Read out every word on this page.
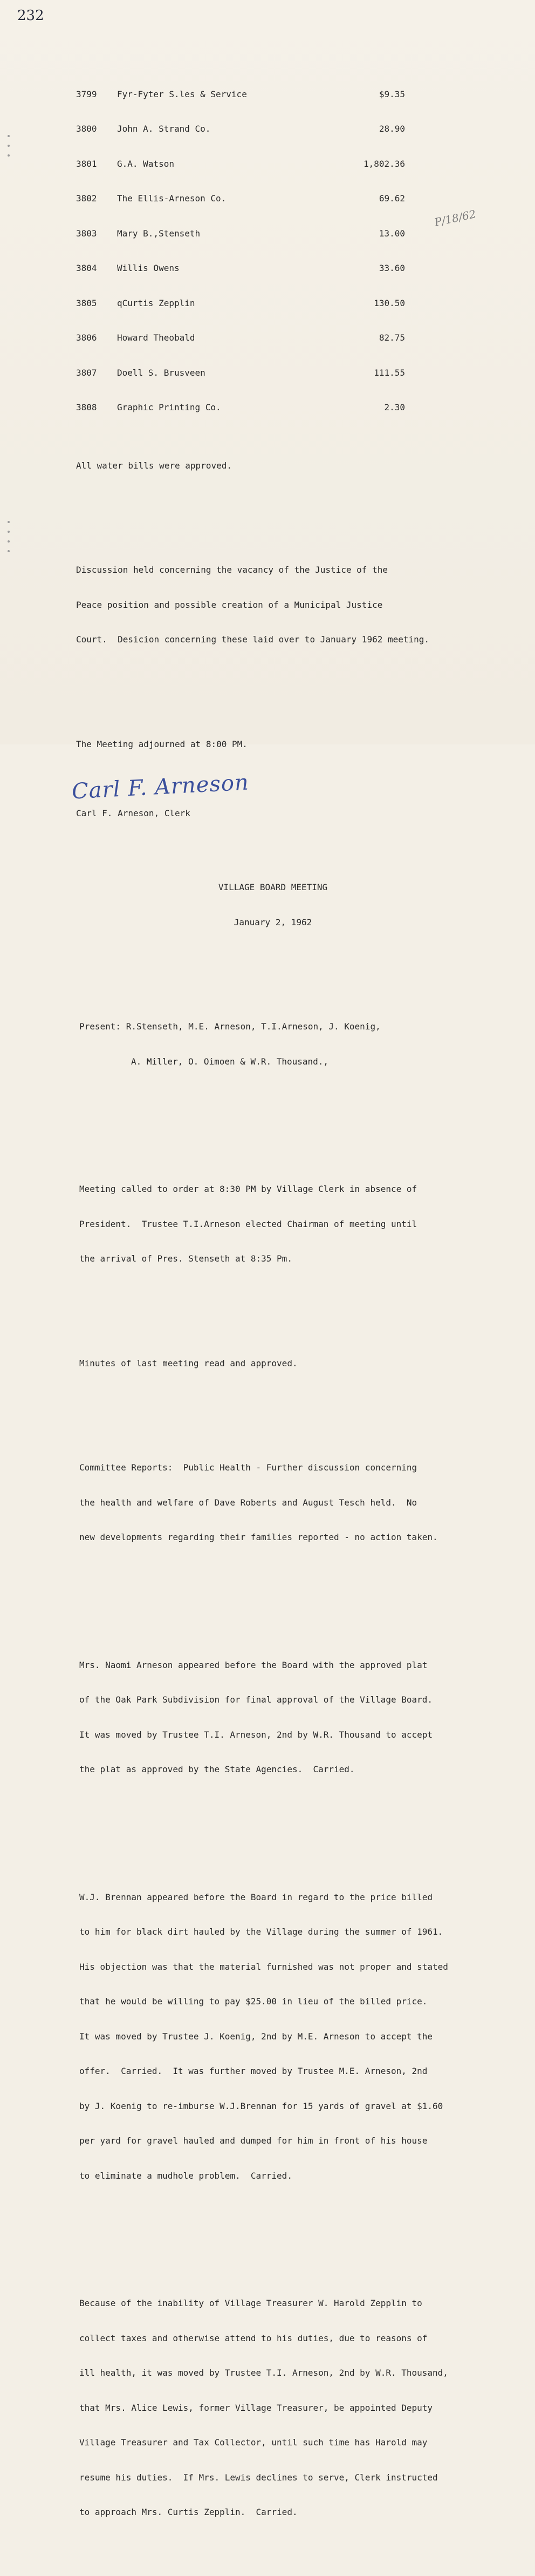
232
P/18/62

3799	Fyr-Fyter S.les & Service	$9.35

3800	John A. Strand Co.	28.90

3801	G.A. Watson	1,802.36

3802	The Ellis-Arneson Co.	69.62

3803	Mary B.,Stenseth	13.00

3804	Willis Owens	33.60

3805	qCurtis Zepplin	130.50

3806	Howard Theobald	82.75

3807	Doell S. Brusveen	111.55

3808	Graphic Printing Co.	2.30

All water bills were approved.

Discussion held concerning the vacancy of the Justice of the

Peace position and possible creation of a Municipal Justice

Court.  Desicion concerning these laid over to January 1962 meeting.

The Meeting adjourned at 8:00 PM.

Carl F. Arneson

Carl F. Arneson, Clerk

VILLAGE BOARD MEETING

January 2, 1962

Present: R.Stenseth, M.E. Arneson, T.I.Arneson, J. Koenig,

A. Miller, O. Oimoen & W.R. Thousand.,

Meeting called to order at 8:30 PM by Village Clerk in absence of

President.  Trustee T.I.Arneson elected Chairman of meeting until

the arrival of Pres. Stenseth at 8:35 Pm.

Minutes of last meeting read and approved.

Committee Reports:  Public Health - Further discussion concerning

the health and welfare of Dave Roberts and August Tesch held.  No

new developments regarding their families reported - no action taken.

Mrs. Naomi Arneson appeared before the Board with the approved plat

of the Oak Park Subdivision for final approval of the Village Board.

It was moved by Trustee T.I. Arneson, 2nd by W.R. Thousand to accept

the plat as approved by the State Agencies.  Carried.

W.J. Brennan appeared before the Board in regard to the price billed

to him for black dirt hauled by the Village during the summer of 1961.

His objection was that the material furnished was not proper and stated

that he would be willing to pay $25.00 in lieu of the billed price.

It was moved by Trustee J. Koenig, 2nd by M.E. Arneson to accept the

offer.  Carried.  It was further moved by Trustee M.E. Arneson, 2nd

by J. Koenig to re-imburse W.J.Brennan for 15 yards of gravel at $1.60

per yard for gravel hauled and dumped for him in front of his house

to eliminate a mudhole problem.  Carried.

Because of the inability of Village Treasurer W. Harold Zepplin to

collect taxes and otherwise attend to his duties, due to reasons of

ill health, it was moved by Trustee T.I. Arneson, 2nd by W.R. Thousand,

that Mrs. Alice Lewis, former Village Treasurer, be appointed Deputy

Village Treasurer and Tax Collector, until such time has Harold may

resume his duties.  If Mrs. Lewis declines to serve, Clerk instructed

to approach Mrs. Curtis Zepplin.  Carried.
